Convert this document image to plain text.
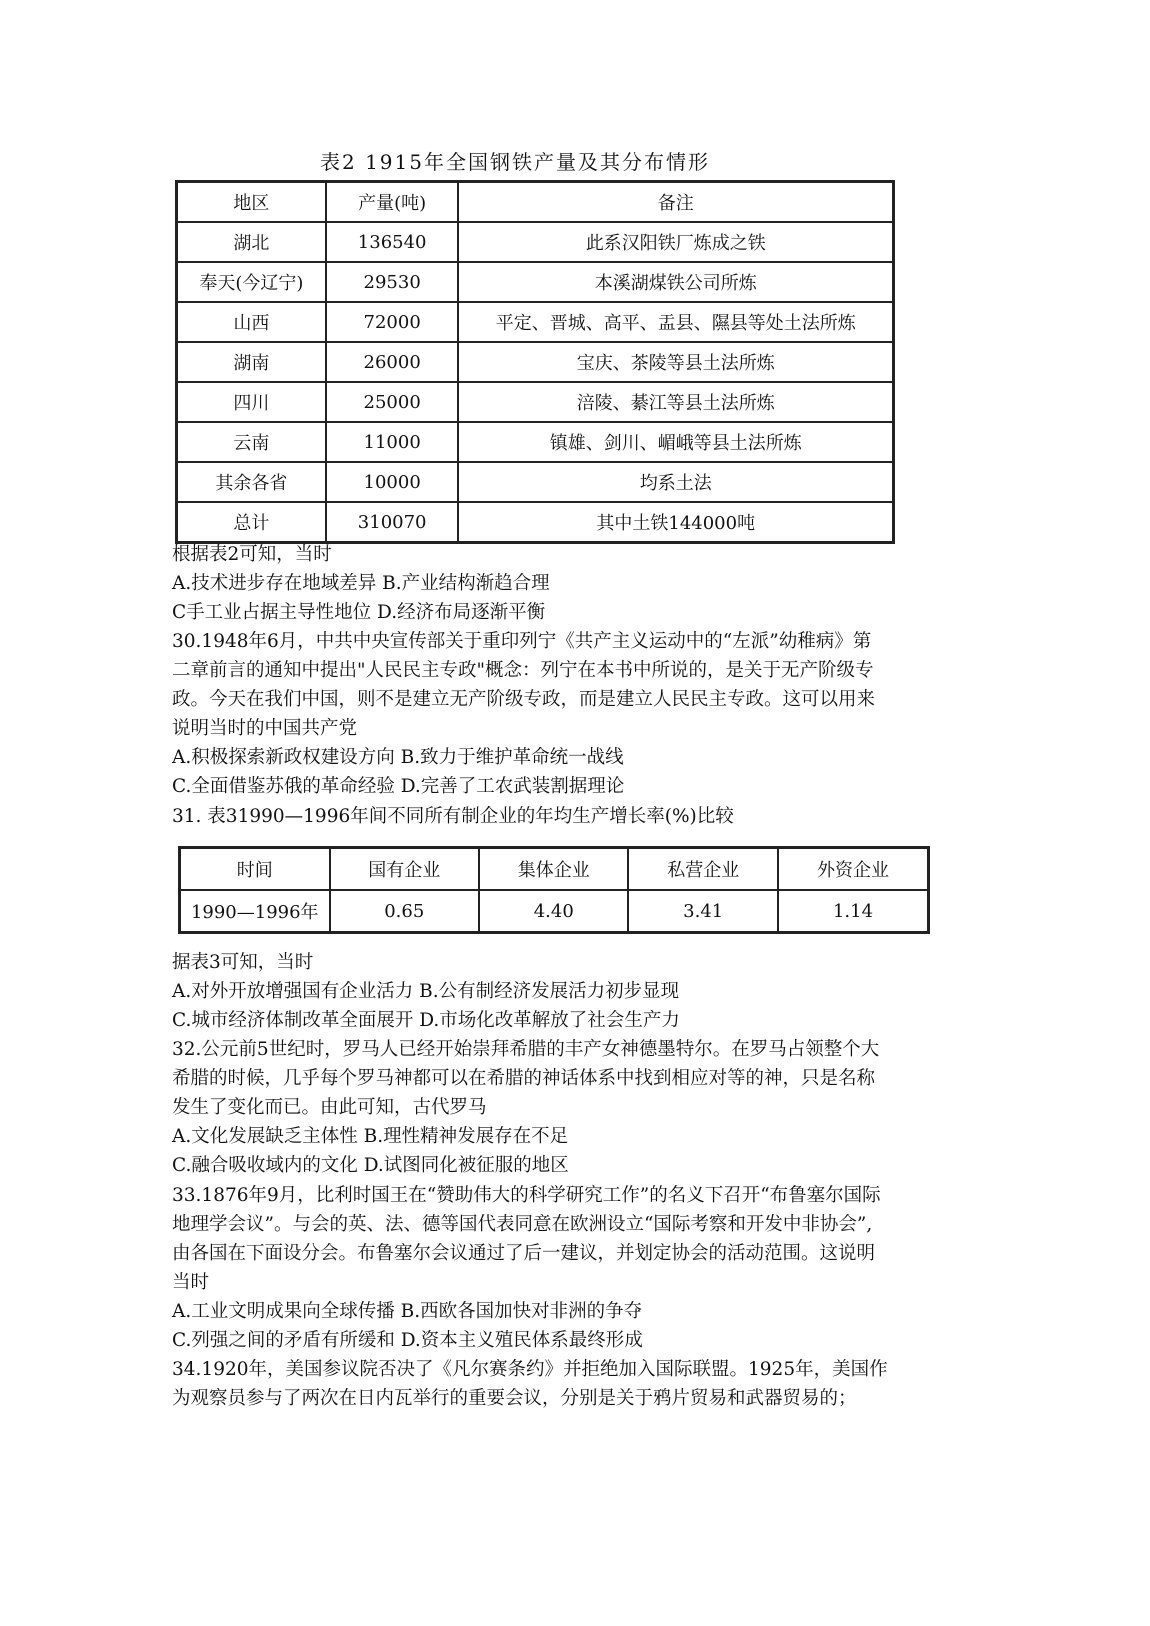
表2 1915年全国钢铁产量及其分布情形
地区	产量(吨)	备注
湖北	136540	此系汉阳铁厂炼成之铁
奉天(今辽宁)	29530	本溪湖煤铁公司所炼
山西	72000	平定、晋城、高平、盂县、隰县等处土法所炼
湖南	26000	宝庆、茶陵等县土法所炼
四川	25000	涪陵、綦江等县土法所炼
云南	11000	镇雄、剑川、嵋峨等县土法所炼
其余各省	10000	均系土法
总计	310070	其中土铁144000吨
根据表2可知，当时
A.技术进步存在地域差异 B.产业结构渐趋合理
C手工业占据主导性地位 D.经济布局逐渐平衡
30.1948年6月，中共中央宣传部关于重印列宁《共产主义运动中的“左派”幼稚病》第
二章前言的通知中提出"人民民主专政"概念：列宁在本书中所说的，是关于无产阶级专
政。今天在我们中国，则不是建立无产阶级专政，而是建立人民民主专政。这可以用来
说明当时的中国共产党
A.积极探索新政权建设方向 B.致力于维护革命统一战线
C.全面借鉴苏俄的革命经验 D.完善了工农武装割据理论
31. 表31990—1996年间不同所有制企业的年均生产增长率(%)比较
时间	国有企业	集体企业	私营企业	外资企业
1990—1996年	0.65	4.40	3.41	1.14
据表3可知，当时
A.对外开放增强国有企业活力 B.公有制经济发展活力初步显现
C.城市经济体制改革全面展开 D.市场化改革解放了社会生产力
32.公元前5世纪时，罗马人已经开始崇拜希腊的丰产女神德墨特尔。在罗马占领整个大
希腊的时候，几乎每个罗马神都可以在希腊的神话体系中找到相应对等的神，只是名称
发生了变化而已。由此可知，古代罗马
A.文化发展缺乏主体性 B.理性精神发展存在不足
C.融合吸收域内的文化 D.试图同化被征服的地区
33.1876年9月，比利时国王在“赞助伟大的科学研究工作”的名义下召开“布鲁塞尔国际
地理学会议”。与会的英、法、德等国代表同意在欧洲设立“国际考察和开发中非协会”,
由各国在下面设分会。布鲁塞尔会议通过了后一建议，并划定协会的活动范围。这说明
当时
A.工业文明成果向全球传播 B.西欧各国加快对非洲的争夺
C.列强之间的矛盾有所缓和 D.资本主义殖民体系最终形成
34.1920年，美国参议院否决了《凡尔赛条约》并拒绝加入国际联盟。1925年，美国作
为观察员参与了两次在日内瓦举行的重要会议，分别是关于鸦片贸易和武器贸易的；
